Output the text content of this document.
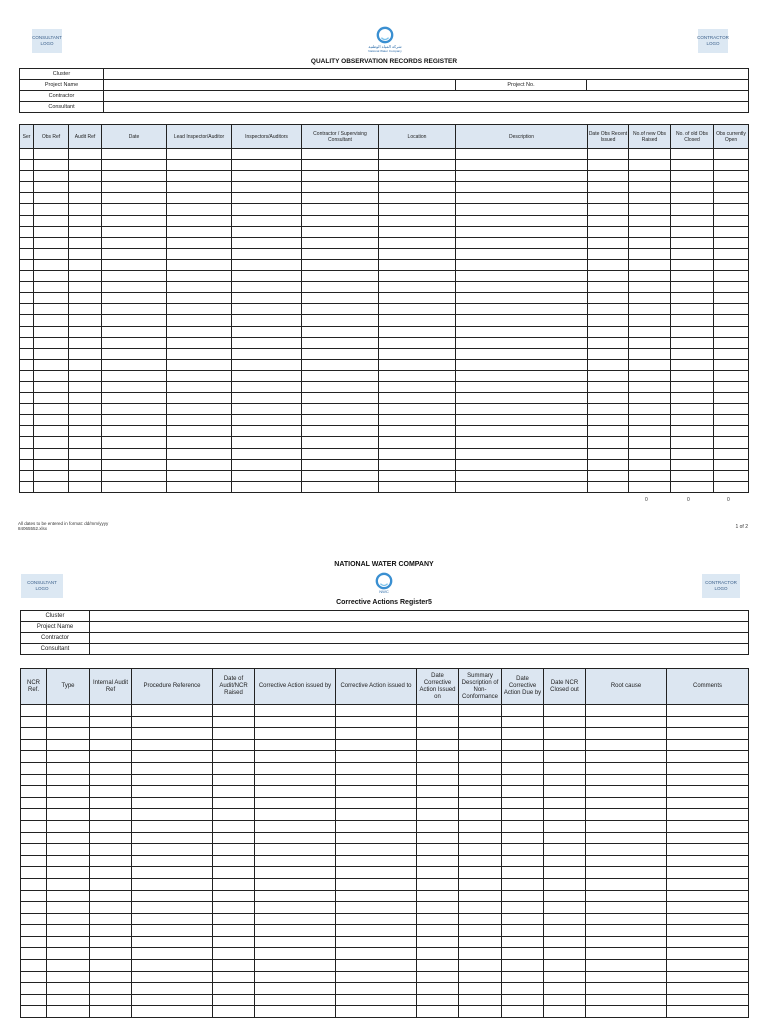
CONSULTANT LOGO
شركة المياه الوطنية
National Water Company
CONTRACTOR LOGO
QUALITY OBSERVATION RECORDS REGISTER
Cluster			
Project Name		Project No.	
Contractor			
Consultant			
Ser	Obs Ref	Audit Ref	Date	Lead Inspector/Auditor	Inspectors/Auditors	Contractor / Supervising Consultant	Location	Description	Date Obs Recent Issued	No.of new Obs Raised	No. of old Obs Closed	Obs currently Open

0	0	0
All dates to be entered in format: dd/mm/yyyy
84065552.xlsx	1 of 2
NATIONAL WATER COMPANY
CONSULTANT LOGO
NWC
CONTRACTOR LOGO
Corrective Actions Register5
Cluster	
Project Name	
Contractor	
Consultant	
NCR Ref.	Type	Internal Audit Ref	Procedure Reference	Date of Audit/NCR Raised	Corrective Action issued by	Corrective Action issued to	Date Corrective Action Issued on	Summary Description of Non-Conformance	Date Corrective Action Due by	Date NCR Closed out	Root cause	Comments
